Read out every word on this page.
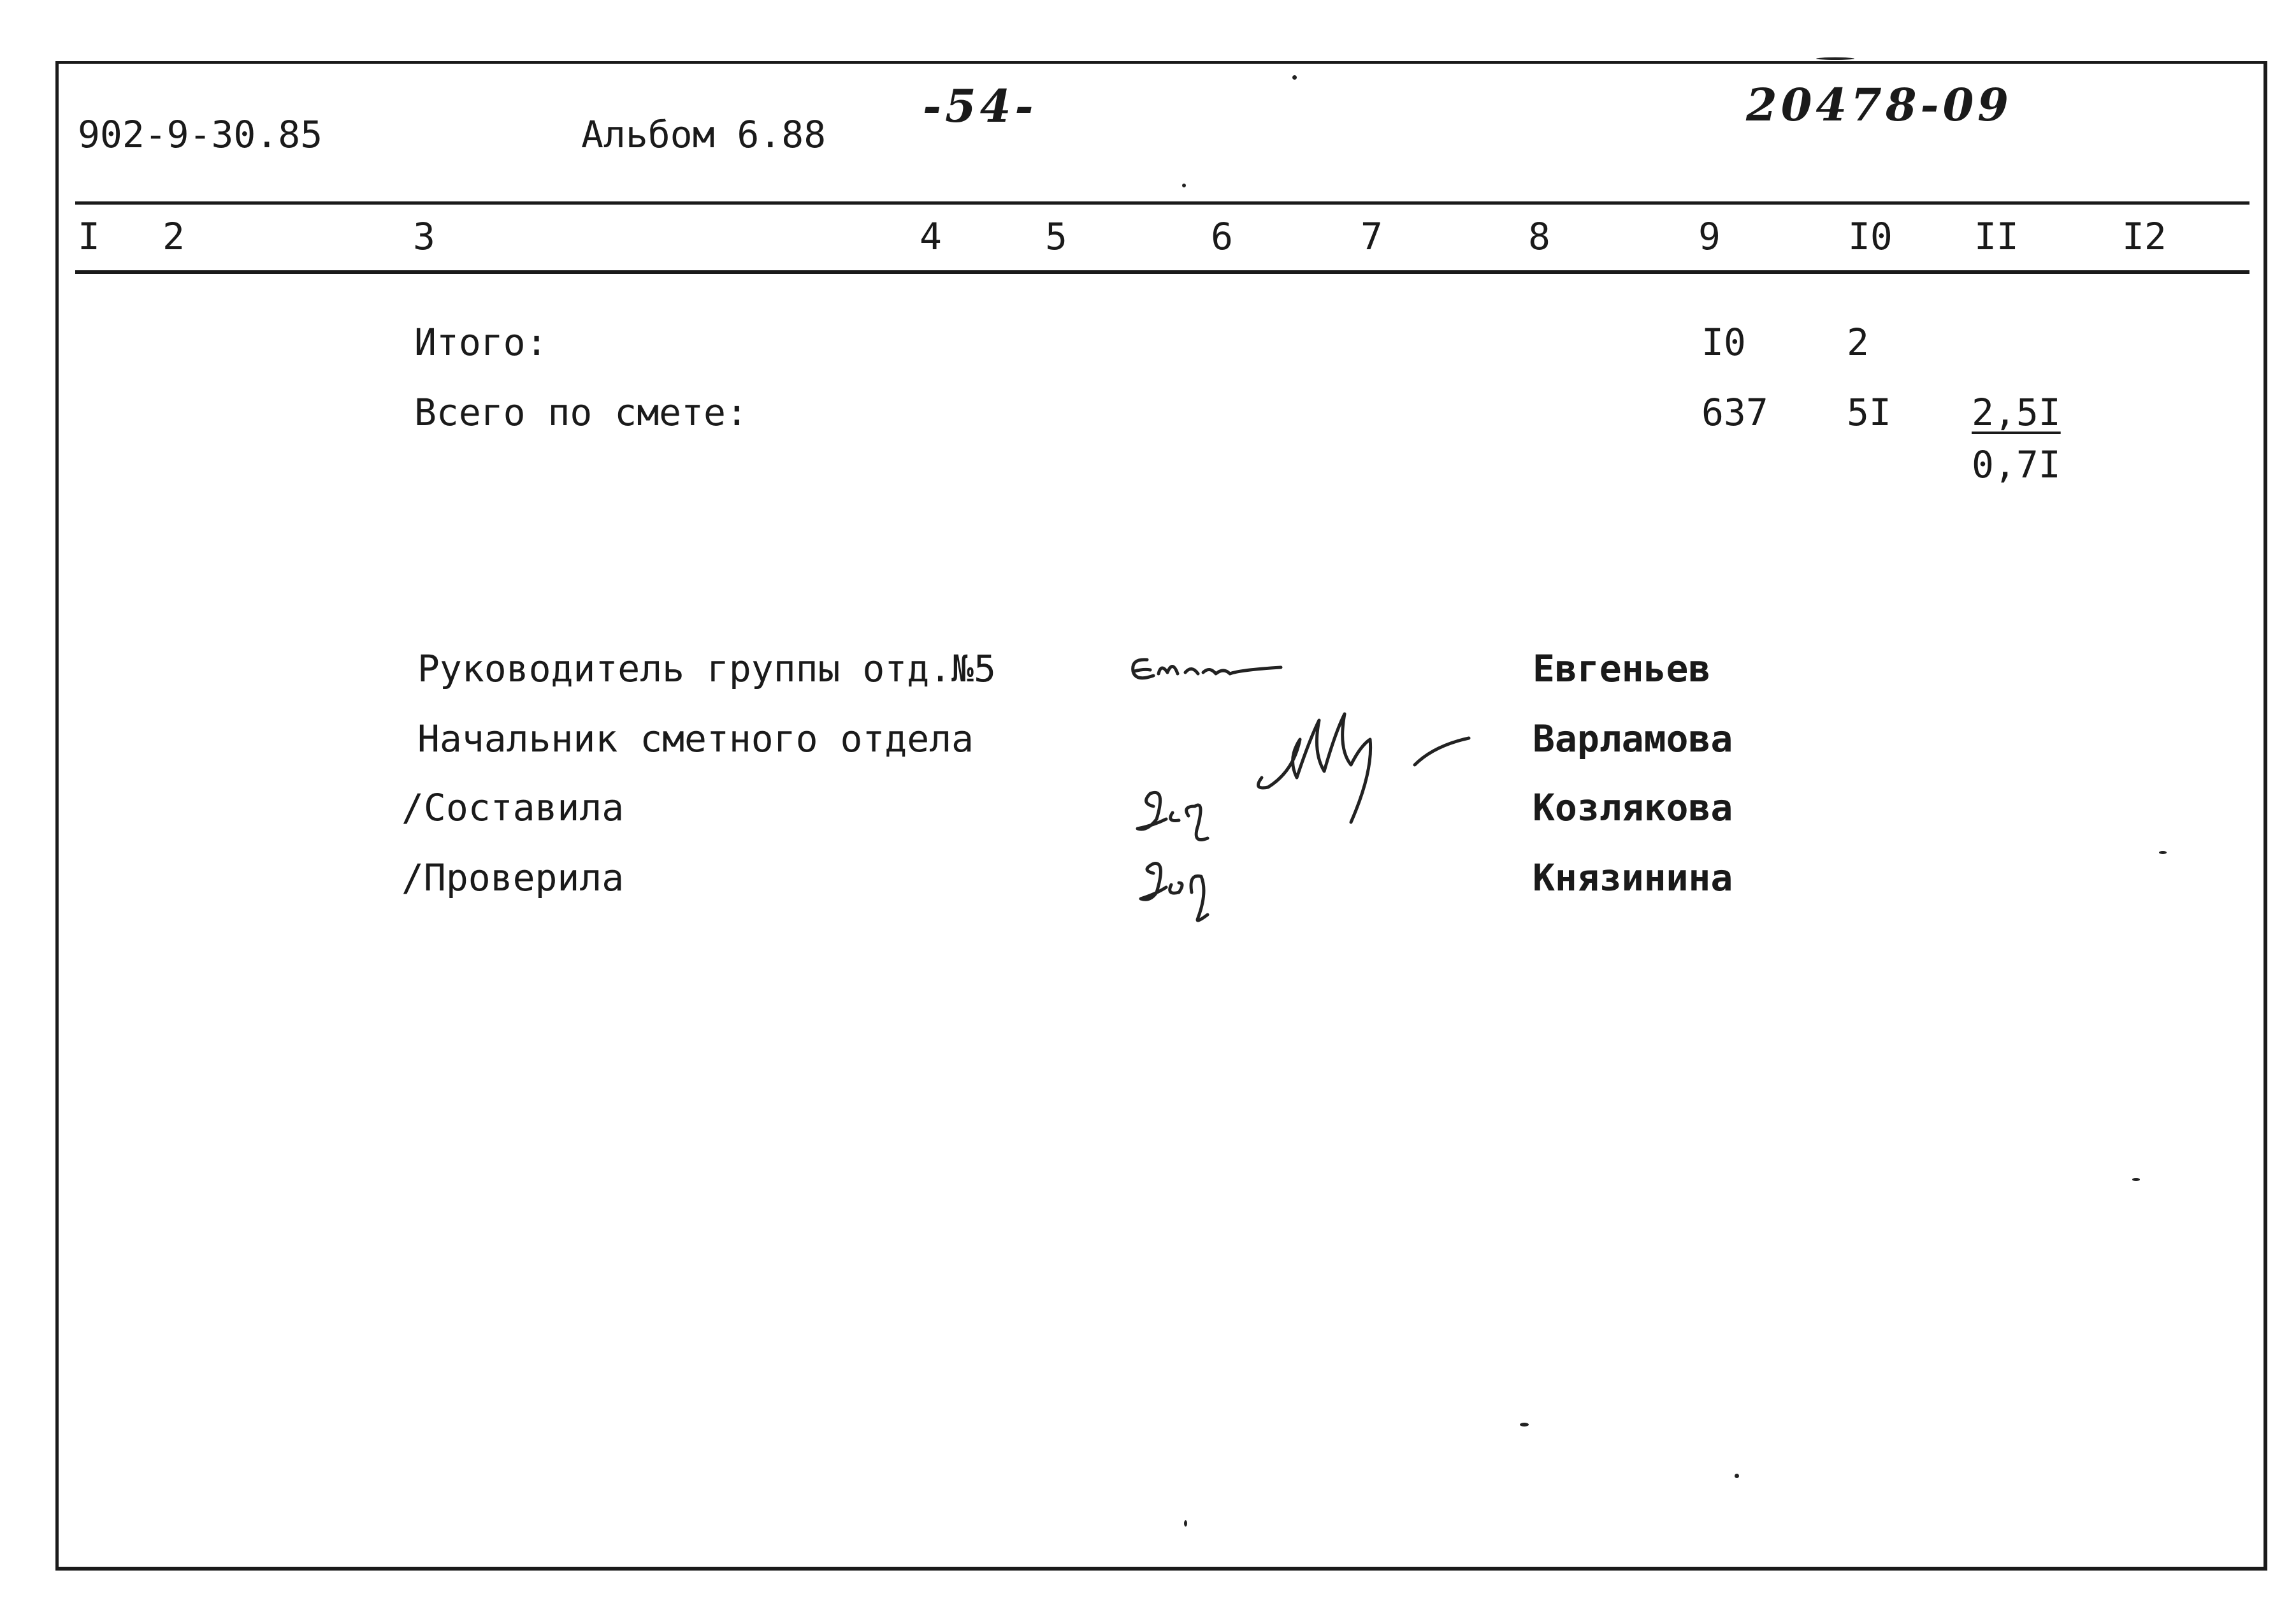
902-9-30.85	Альбом 6.88
-54-	20478-09
I 2	3	4	5	6	7	8	9	I0 II	I2
Итого:	I0	2
Всего по смете:	637 5I 2,5I
0,7I
Руководитель группы отд.№5	Евгеньев
Начальник сметного отдела	Варламова
/Составила	Козлякова
/Проверила	Князинина
